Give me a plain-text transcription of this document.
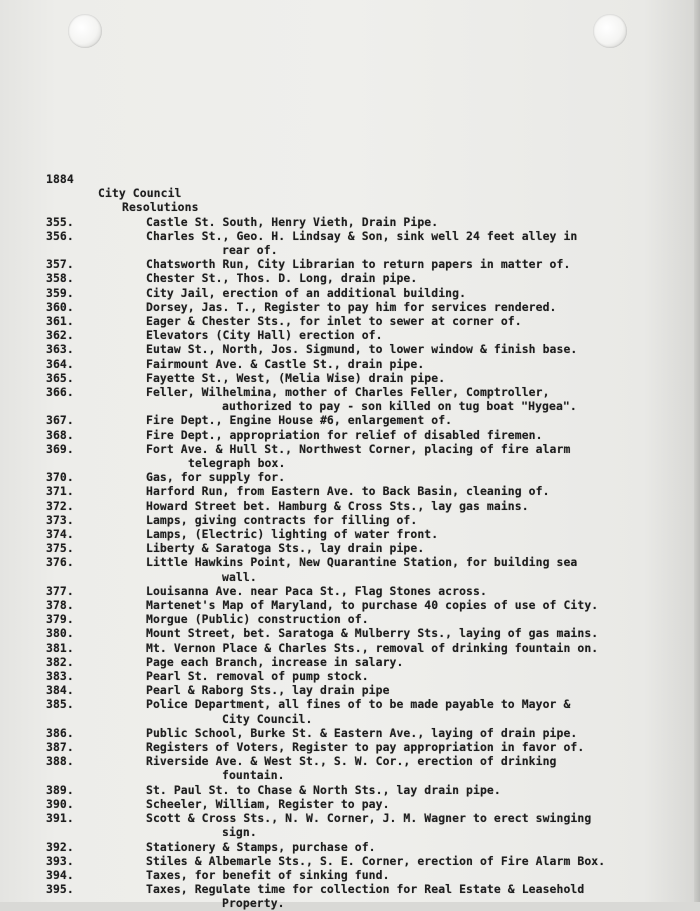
1884
City Council
Resolutions
355.	Castle St. South, Henry Vieth, Drain Pipe.
356.	Charles St., Geo. H. Lindsay & Son, sink well 24 feet alley in
rear of.
357.	Chatsworth Run, City Librarian to return papers in matter of.
358.	Chester St., Thos. D. Long, drain pipe.
359.	City Jail, erection of an additional building.
360.	Dorsey, Jas. T., Register to pay him for services rendered.
361.	Eager & Chester Sts., for inlet to sewer at corner of.
362.	Elevators (City Hall) erection of.
363.	Eutaw St., North, Jos. Sigmund, to lower window & finish base.
364.	Fairmount Ave. & Castle St., drain pipe.
365.	Fayette St., West, (Melia Wise) drain pipe.
366.	Feller, Wilhelmina, mother of Charles Feller, Comptroller,
authorized to pay - son killed on tug boat "Hygea".
367.	Fire Dept., Engine House #6, enlargement of.
368.	Fire Dept., appropriation for relief of disabled firemen.
369.	Fort Ave. & Hull St., Northwest Corner, placing of fire alarm
telegraph box.
370.	Gas, for supply for.
371.	Harford Run, from Eastern Ave. to Back Basin, cleaning of.
372.	Howard Street bet. Hamburg & Cross Sts., lay gas mains.
373.	Lamps, giving contracts for filling of.
374.	Lamps, (Electric) lighting of water front.
375.	Liberty & Saratoga Sts., lay drain pipe.
376.	Little Hawkins Point, New Quarantine Station, for building sea
wall.
377.	Louisanna Ave. near Paca St., Flag Stones across.
378.	Martenet's Map of Maryland, to purchase 40 copies of use of City.
379.	Morgue (Public) construction of.
380.	Mount Street, bet. Saratoga & Mulberry Sts., laying of gas mains.
381.	Mt. Vernon Place & Charles Sts., removal of drinking fountain on.
382.	Page each Branch, increase in salary.
383.	Pearl St. removal of pump stock.
384.	Pearl & Raborg Sts., lay drain pipe
385.	Police Department, all fines of to be made payable to Mayor &
City Council.
386.	Public School, Burke St. & Eastern Ave., laying of drain pipe.
387.	Registers of Voters, Register to pay appropriation in favor of.
388.	Riverside Ave. & West St., S. W. Cor., erection of drinking
fountain.
389.	St. Paul St. to Chase & North Sts., lay drain pipe.
390.	Scheeler, William, Register to pay.
391.	Scott & Cross Sts., N. W. Corner, J. M. Wagner to erect swinging
sign.
392.	Stationery & Stamps, purchase of.
393.	Stiles & Albemarle Sts., S. E. Corner, erection of Fire Alarm Box.
394.	Taxes, for benefit of sinking fund.
395.	Taxes, Regulate time for collection for Real Estate & Leasehold
Property.
